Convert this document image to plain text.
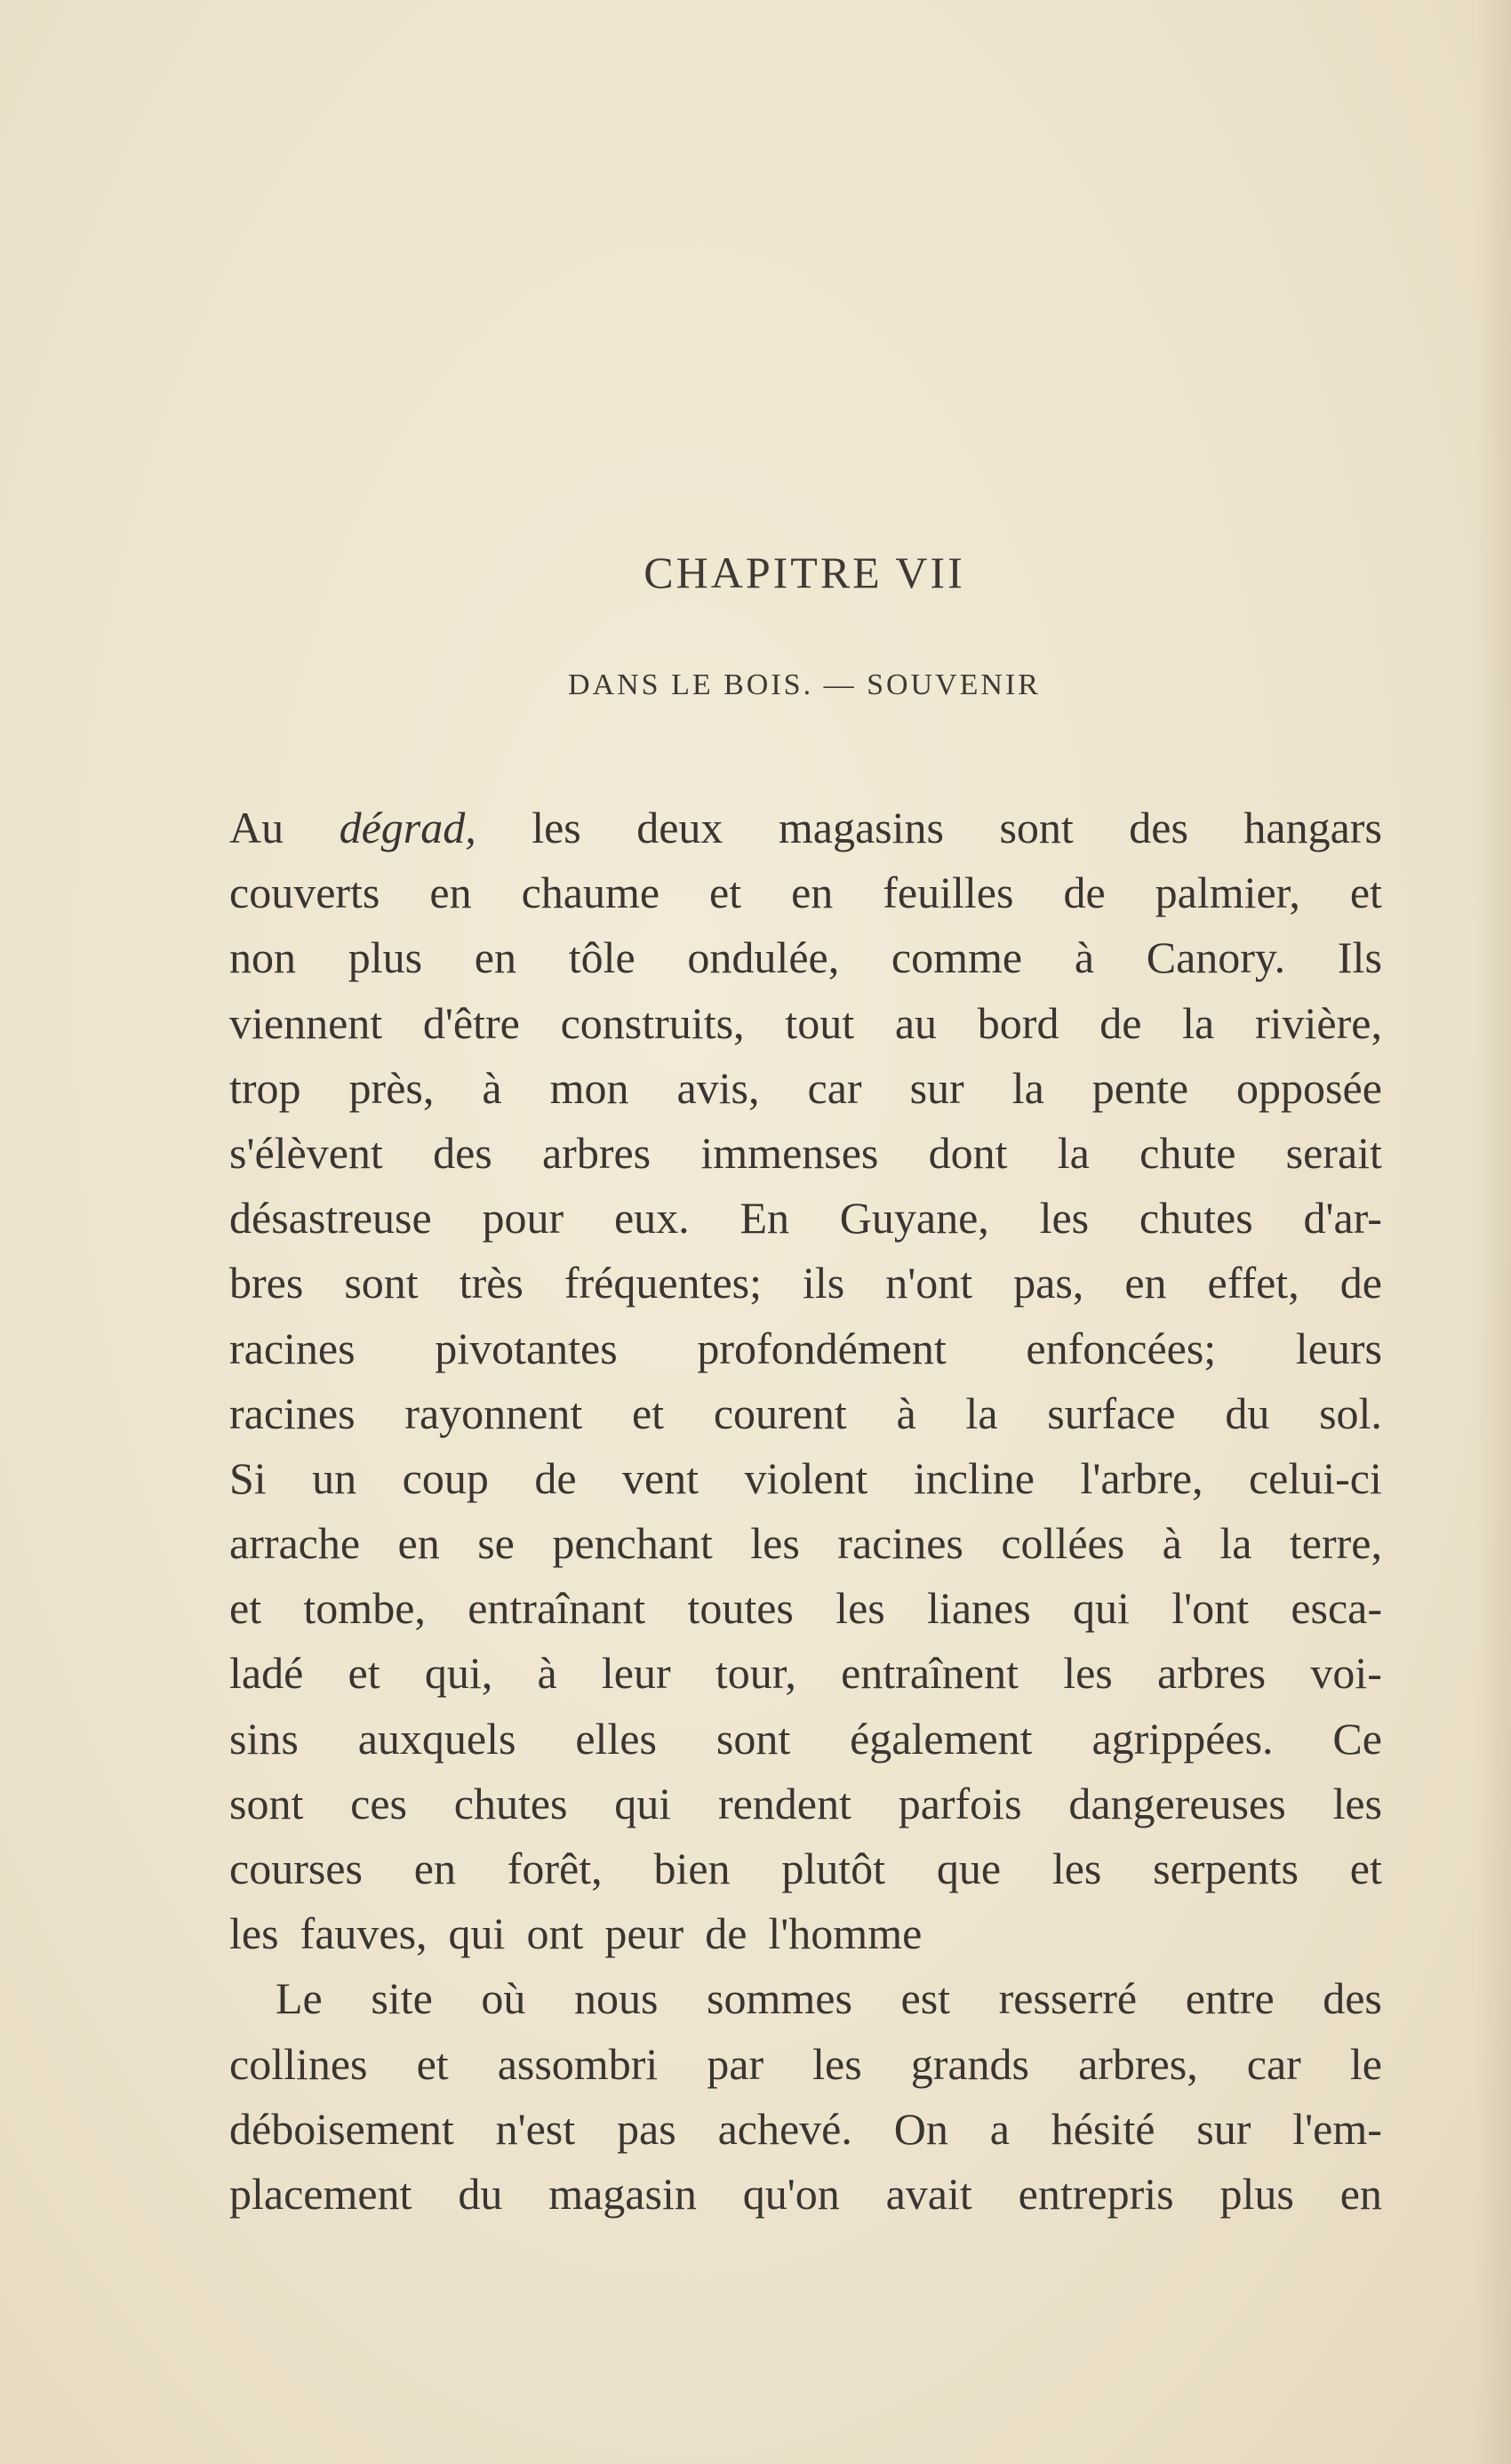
CHAPITRE VII
DANS LE BOIS. — SOUVENIR
Au dégrad, les deux magasins sont des hangars
couverts en chaume et en feuilles de palmier, et
non plus en tôle ondulée, comme à Canory. Ils
viennent d'être construits, tout au bord de la rivière,
trop près, à mon avis, car sur la pente opposée
s'élèvent des arbres immenses dont la chute serait
désastreuse pour eux. En Guyane, les chutes d'ar-
bres sont très fréquentes; ils n'ont pas, en effet, de
racines pivotantes profondément enfoncées; leurs
racines rayonnent et courent à la surface du sol.
Si un coup de vent violent incline l'arbre, celui-ci
arrache en se penchant les racines collées à la terre,
et tombe, entraînant toutes les lianes qui l'ont esca-
ladé et qui, à leur tour, entraînent les arbres voi-
sins auxquels elles sont également agrippées. Ce
sont ces chutes qui rendent parfois dangereuses les
courses en forêt, bien plutôt que les serpents et
les fauves, qui ont peur de l'homme
Le site où nous sommes est resserré entre des
collines et assombri par les grands arbres, car le
déboisement n'est pas achevé. On a hésité sur l'em-
placement du magasin qu'on avait entrepris plus en
